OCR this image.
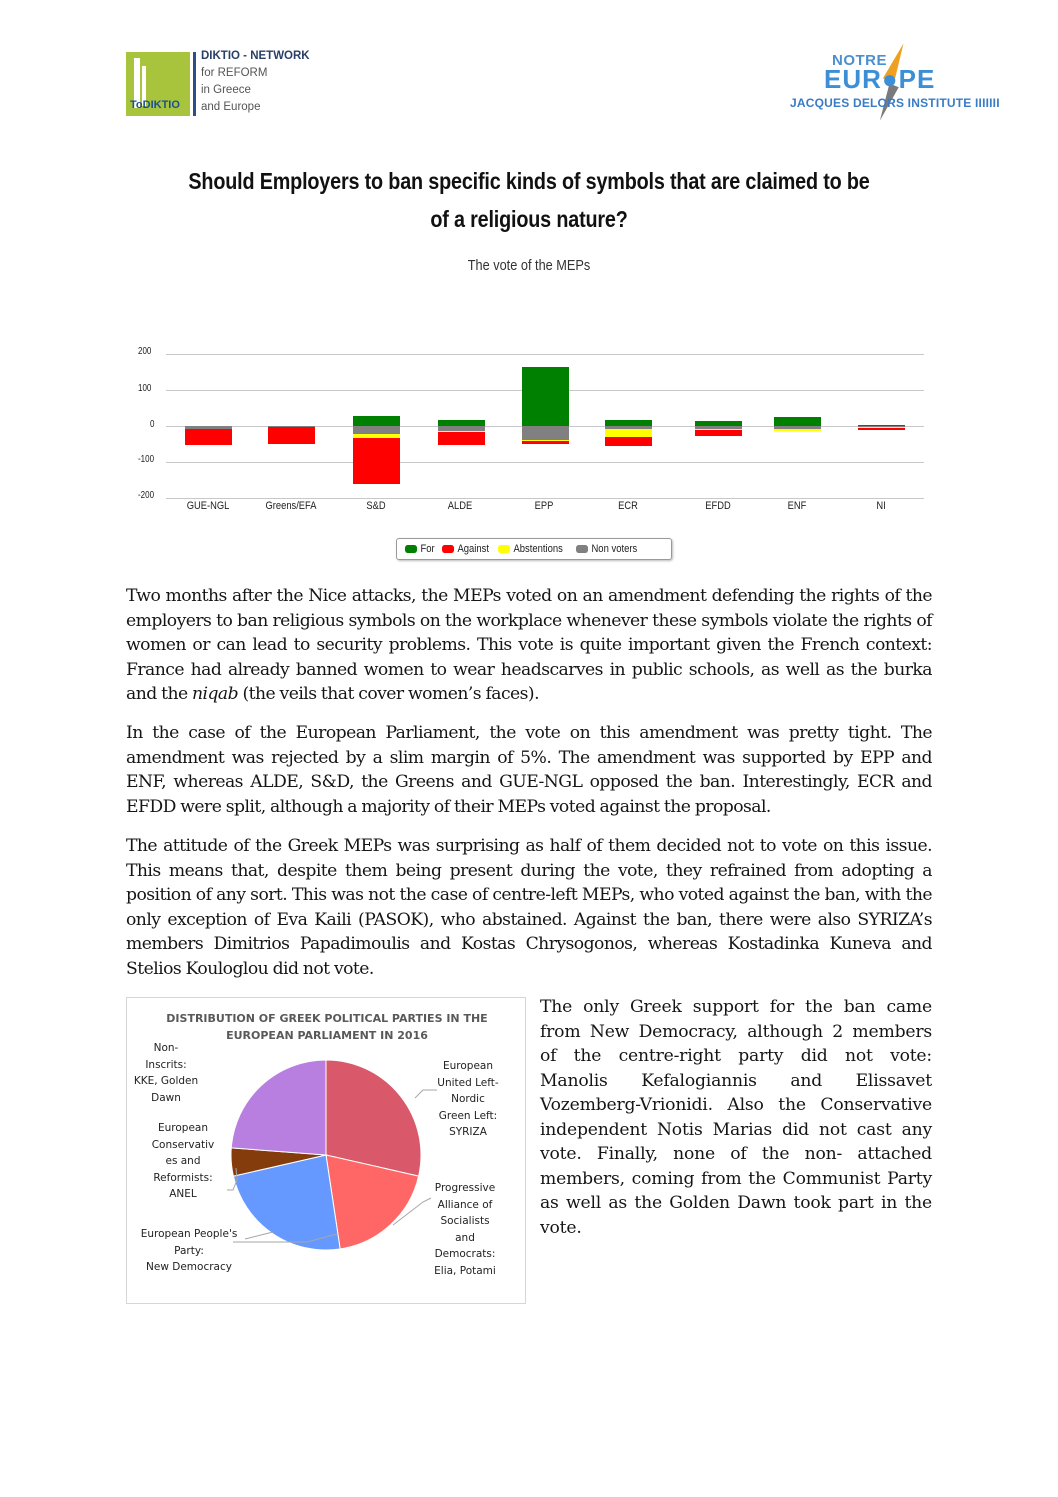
ToDIKTIO
DIKTIO - NETWORK
for REFORM
in Greece
and Europe
NOTRE
EUR●PE
JACQUES DELORS INSTITUTE IIIIIII
Should Employers to ban specific kinds of symbols that are claimed to be of a religious nature?
The vote of the MEPs
200
100
0
-100
-200
GUE-NGL	Greens/EFA	S&D	ALDE	EPP	ECR	EFDD	ENF	NI
For Against Abstentions	Non voters
Two months after the Nice attacks, the MEPs voted on an amendment defending the rights of the employers to ban religious symbols on the workplace whenever these symbols violate the rights of women or can lead to security problems. This vote is quite important given the French context: France had already banned women to wear headscarves in public schools, as well as the burka and the niqab (the veils that cover women’s faces).
In the case of the European Parliament, the vote on this amendment was pretty tight. The amendment was rejected by a slim margin of 5%. The amendment was supported by EPP and ENF, whereas ALDE, S&D, the Greens and GUE-NGL opposed the ban. Interestingly, ECR and EFDD were split, although a majority of their MEPs voted against the proposal.
The attitude of the Greek MEPs was surprising as half of them decided not to vote on this issue. This means that, despite them being present during the vote, they refrained from adopting a position of any sort. This was not the case of centre-left MEPs, who voted against the ban, with the only exception of Eva Kaili (PASOK), who abstained. Against the ban, there were also SYRIZA’s members Dimitrios Papadimoulis and Kostas Chrysogonos, whereas Kostadinka Kuneva and Stelios Kouloglou did not vote.
DISTRIBUTION OF GREEK POLITICAL PARTIES IN THE EUROPEAN PARLIAMENT IN 2016
Non-
Inscrits:
KKE, Golden
Dawn
European
United Left-
Nordic
Green Left:
SYRIZA
European
Conservativ
es and
Reformists:
ANEL	Progressive
Alliance of
Socialists
and
Democrats:
Elia, Potami
European People's
Party:
New Democracy
The only Greek support for the ban came from New Democracy, although 2 members of the centre-right party did not vote: Manolis Kefalogiannis and Elissavet Vozemberg-Vrionidi. Also the Conservative independent Notis Marias did not cast any vote. Finally, none of the non- attached members, coming from the Communist Party as well as the Golden Dawn took part in the vote.
